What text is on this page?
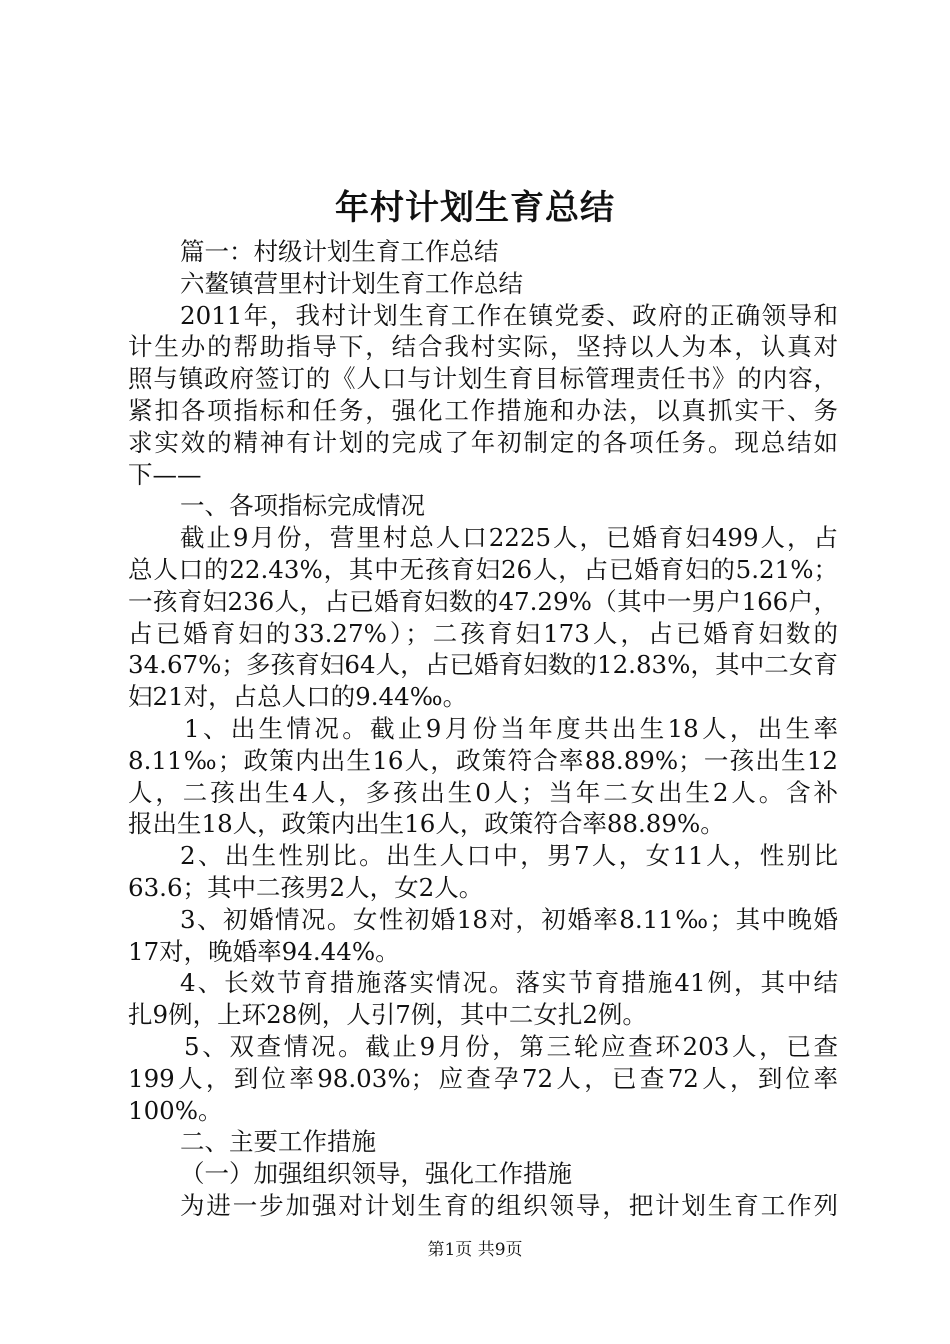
年村计划生育总结
篇一：村级计划生育工作总结
六鳌镇营里村计划生育工作总结
2011年，我村计划生育工作在镇党委、政府的正确领导和
计生办的帮助指导下，结合我村实际，坚持以人为本，认真对
照与镇政府签订的《人口与计划生育目标管理责任书》的内容，
紧扣各项指标和任务，强化工作措施和办法，以真抓实干、务
求实效的精神有计划的完成了年初制定的各项任务。现总结如
下——
一、各项指标完成情况
截止9月份，营里村总人口2225人，已婚育妇499人，占
总人口的22.43%，其中无孩育妇26人，占已婚育妇的5.21%；
一孩育妇236人，占已婚育妇数的47.29%（其中一男户166户，
占已婚育妇的33.27%）；二孩育妇173人，占已婚育妇数的
34.67%；多孩育妇64人，占已婚育妇数的12.83%，其中二女育
妇21对，占总人口的9.44‰。
1、出生情况。截止9月份当年度共出生18人，出生率
8.11‰；政策内出生16人，政策符合率88.89%；一孩出生12
人，二孩出生4人，多孩出生0人；当年二女出生2人。含补
报出生18人，政策内出生16人，政策符合率88.89%。
2、出生性别比。出生人口中，男7人，女11人，性别比
63.6；其中二孩男2人，女2人。
3、初婚情况。女性初婚18对，初婚率8.11‰；其中晚婚
17对，晚婚率94.44%。
4、长效节育措施落实情况。落实节育措施41例，其中结
扎9例，上环28例，人引7例，其中二女扎2例。
5、双查情况。截止9月份，第三轮应查环203人，已查
199人，到位率98.03%；应查孕72人，已查72人，到位率
100%。
二、主要工作措施
（一）加强组织领导，强化工作措施
为进一步加强对计划生育的组织领导，把计划生育工作列
第1页 共9页
